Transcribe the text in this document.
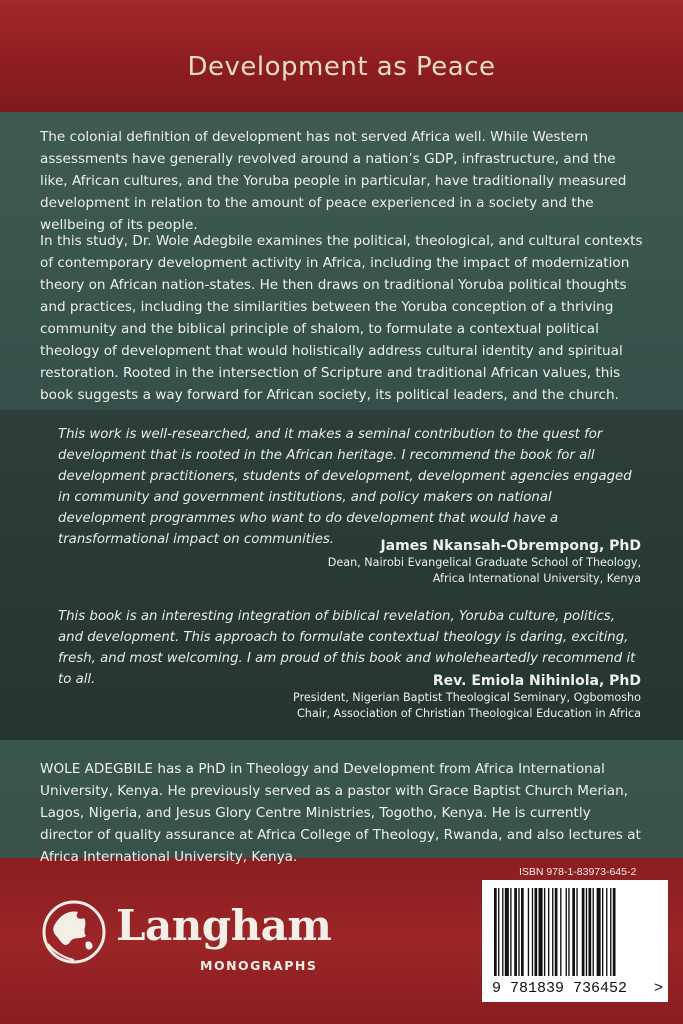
Development as Peace

The colonial definition of development has not served Africa well. While Western assessments have generally revolved around a nation’s GDP, infrastructure, and the like, African cultures, and the Yoruba people in particular, have traditionally measured development in relation to the amount of peace experienced in a society and the wellbeing of its people.

In this study, Dr. Wole Adegbile examines the political, theological, and cultural contexts of contemporary development activity in Africa, including the impact of modernization theory on African nation-states. He then draws on traditional Yoruba political thoughts and practices, including the similarities between the Yoruba conception of a thriving community and the biblical principle of shalom, to formulate a contextual political theology of development that would holistically address cultural identity and spiritual restoration. Rooted in the intersection of Scripture and traditional African values, this book suggests a way forward for African society, its political leaders, and the church.

This work is well-researched, and it makes a seminal contribution to the quest for development that is rooted in the African heritage. I recommend the book for all development practitioners, students of development, development agencies engaged in community and government institutions, and policy makers on national development programmes who want to do development that would have a transformational impact on communities.	James Nkansah-Obrempong, PhD
Dean, Nairobi Evangelical Graduate School of Theology,
Africa International University, Kenya

This book is an interesting integration of biblical revelation, Yoruba culture, politics, and development. This approach to formulate contextual theology is daring, exciting, fresh, and most welcoming. I am proud of this book and wholeheartedly recommend it to all.	Rev. Emiola Nihinlola, PhD
President, Nigerian Baptist Theological Seminary, Ogbomosho
Chair, Association of Christian Theological Education in Africa

WOLE ADEGBILE has a PhD in Theology and Development from Africa International University, Kenya. He previously served as a pastor with Grace Baptist Church Merian, Lagos, Nigeria, and Jesus Glory Centre Ministries, Togotho, Kenya. He is currently director of quality assurance at Africa College of Theology, Rwanda, and also lectures at Africa International University, Kenya.

Langham
MONOGRAPHS
ISBN 978-1-83973-645-2
9 781839 736452 >
